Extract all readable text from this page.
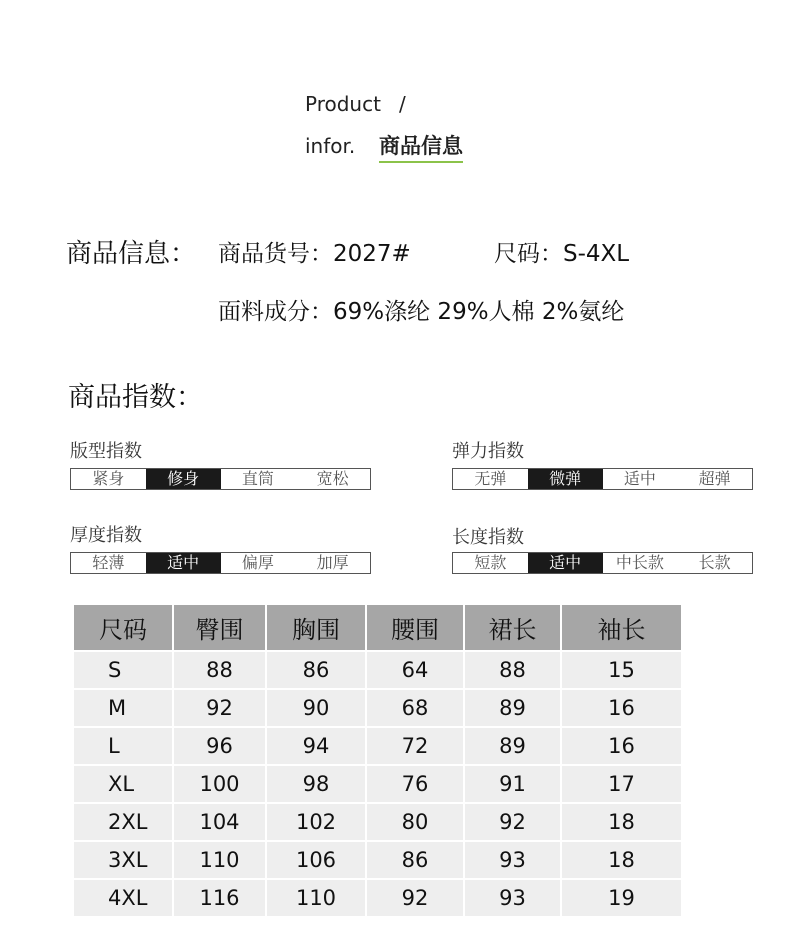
Product /
infor. 商品信息
商品信息： 商品货号：2027#	尺码：S-4XL
面料成分：69%涤纶 29%人棉 2%氨纶
商品指数：
版型指数
紧身	修身	直筒	宽松
弹力指数
无弹	微弹	适中	超弹
厚度指数
轻薄	适中	偏厚	加厚
长度指数
短款	适中	中长款	长款
尺码	臀围	胸围	腰围	裙长	袖长
S	88	86	64	88	15
M	92	90	68	89	16
L	96	94	72	89	16
XL	100	98	76	91	17
2XL	104	102	80	92	18
3XL	110	106	86	93	18
4XL	116	110	92	93	19
